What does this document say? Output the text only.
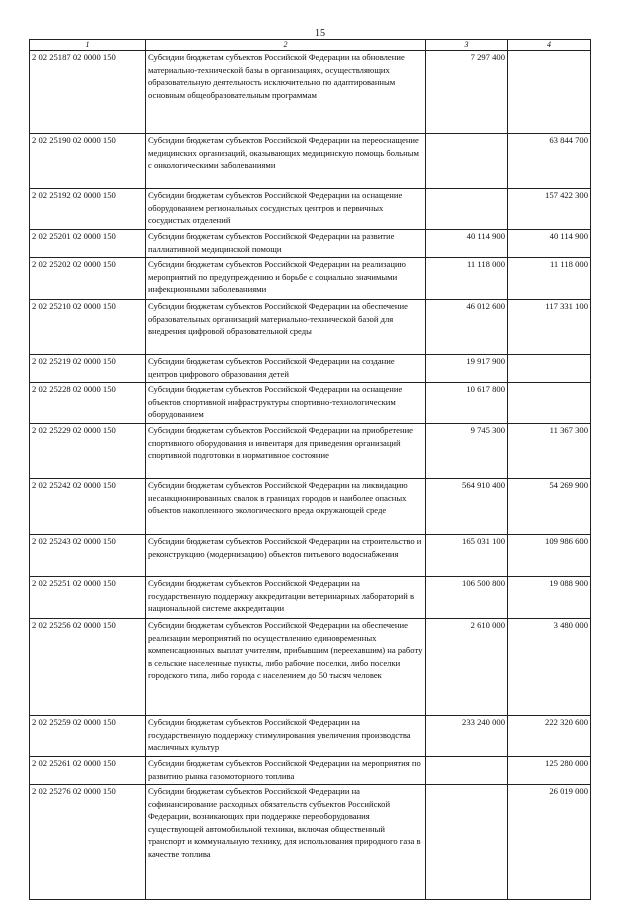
15
1	2	3	4
2 02 25187 02 0000 150	Субсидии бюджетам субъектов Российской Федерации на обновление материально-технической базы в организациях, осуществляющих образовательную деятельность исключительно по адаптированным основным общеобразовательным программам	7 297 400	
2 02 25190 02 0000 150	Субсидии бюджетам субъектов Российской Федерации на переоснащение медицинских организаций, оказывающих медицинскую помощь больным с онкологическими заболеваниями		63 844 700
2 02 25192 02 0000 150	Субсидии бюджетам субъектов Российской Федерации на оснащение оборудованием региональных сосудистых центров и первичных сосудистых отделений		157 422 300
2 02 25201 02 0000 150	Субсидии бюджетам субъектов Российской Федерации на развитие паллиативной медицинской помощи	40 114 900	40 114 900
2 02 25202 02 0000 150	Субсидии бюджетам субъектов Российской Федерации на реализацию мероприятий по предупреждению и борьбе с социально значимыми инфекционными заболеваниями	11 118 000	11 118 000
2 02 25210 02 0000 150	Субсидии бюджетам субъектов Российской Федерации на обеспечение образовательных организаций материально-технической базой для внедрения цифровой образовательной среды	46 012 600	117 331 100
2 02 25219 02 0000 150	Субсидии бюджетам субъектов Российской Федерации на создание центров цифрового образования детей	19 917 900	
2 02 25228 02 0000 150	Субсидии бюджетам субъектов Российской Федерации на оснащение объектов спортивной инфраструктуры спортивно-технологическим оборудованием	10 617 800	
2 02 25229 02 0000 150	Субсидии бюджетам субъектов Российской Федерации на приобретение спортивного оборудования и инвентаря для приведения организаций спортивной подготовки в нормативное состояние	9 745 300	11 367 300
2 02 25242 02 0000 150	Субсидии бюджетам субъектов Российской Федерации на ликвидацию несанкционированных свалок в границах городов и наиболее опасных объектов накопленного экологического вреда окружающей среде	564 910 400	54 269 900
2 02 25243 02 0000 150	Субсидии бюджетам субъектов Российской Федерации на строительство и реконструкцию (модернизацию) объектов питьевого водоснабжения	165 031 100	109 986 600
2 02 25251 02 0000 150	Субсидии бюджетам субъектов Российской Федерации на государственную поддержку аккредитации ветеринарных лабораторий в национальной системе аккредитации	106 500 800	19 088 900
2 02 25256 02 0000 150	Субсидии бюджетам субъектов Российской Федерации на обеспечение реализации мероприятий по осуществлению единовременных компенсационных выплат учителям, прибывшим (переехавшим) на работу в сельские населенные пункты, либо рабочие поселки, либо поселки городского типа, либо города с населением до 50 тысяч человек	2 610 000	3 480 000
2 02 25259 02 0000 150	Субсидии бюджетам субъектов Российской Федерации на государственную поддержку стимулирования увеличения производства масличных культур	233 240 000	222 320 600
2 02 25261 02 0000 150	Субсидии бюджетам субъектов Российской Федерации на мероприятия по развитию рынка газомоторного топлива		125 280 000
2 02 25276 02 0000 150	Субсидии бюджетам субъектов Российской Федерации на софинансирование расходных обязательств субъектов Российской Федерации, возникающих при поддержке переоборудования существующей автомобильной техники, включая общественный транспорт и коммунальную технику, для использования природного газа в качестве топлива		26 019 000
